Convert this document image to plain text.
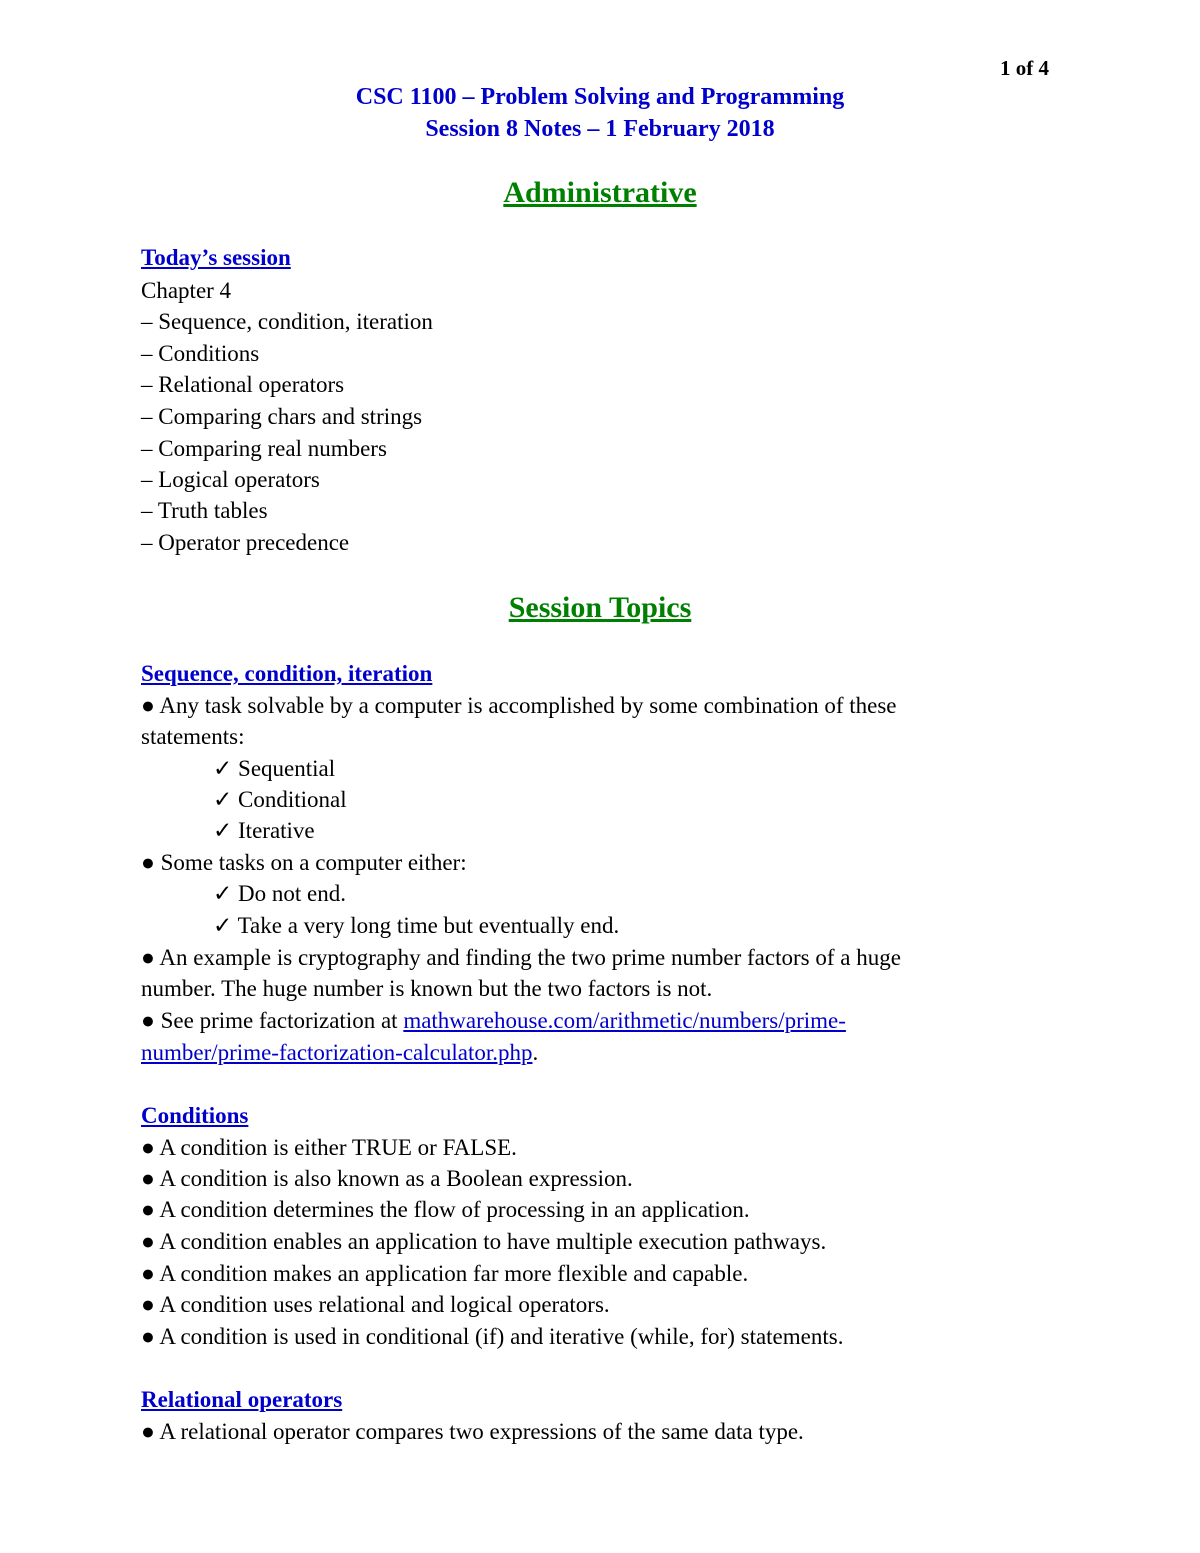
1 of 4
CSC 1100 – Problem Solving and Programming
Session 8 Notes – 1 February 2018
Administrative
Today’s session
Chapter 4
– Sequence, condition, iteration
– Conditions
– Relational operators
– Comparing chars and strings
– Comparing real numbers
– Logical operators
– Truth tables
– Operator precedence
Session Topics
Sequence, condition, iteration
● Any task solvable by a computer is accomplished by some combination of these
statements:
✓ Sequential
✓ Conditional
✓ Iterative
● Some tasks on a computer either:
✓ Do not end.
✓ Take a very long time but eventually end.
● An example is cryptography and finding the two prime number factors of a huge
number. The huge number is known but the two factors is not.
● See prime factorization at mathwarehouse.com/arithmetic/numbers/prime-
number/prime-factorization-calculator.php.
Conditions
● A condition is either TRUE or FALSE.
● A condition is also known as a Boolean expression.
● A condition determines the flow of processing in an application.
● A condition enables an application to have multiple execution pathways.
● A condition makes an application far more flexible and capable.
● A condition uses relational and logical operators.
● A condition is used in conditional (if) and iterative (while, for) statements.
Relational operators
● A relational operator compares two expressions of the same data type.
